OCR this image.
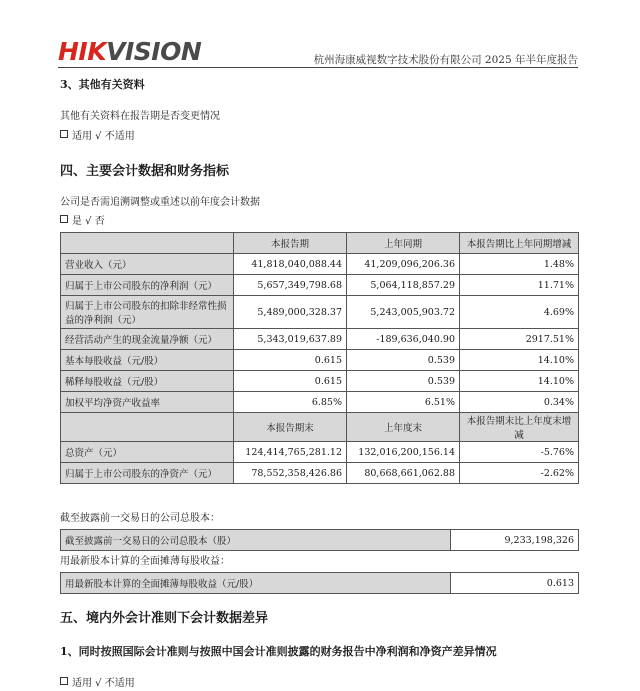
HIKVISION	杭州海康威视数字技术股份有限公司 2025 年半年度报告
3、其他有关资料
其他有关资料在报告期是否变更情况
适用 √ 不适用
四、主要会计数据和财务指标
公司是否需追溯调整或重述以前年度会计数据
是 √ 否
	本报告期	上年同期	本报告期比上年同期增减
营业收入（元）	41,818,040,088.44	41,209,096,206.36	1.48%
归属于上市公司股东的净利润（元）	5,657,349,798.68	5,064,118,857.29	11.71%
归属于上市公司股东的扣除非经常性损益的净利润（元）	5,489,000,328.37	5,243,005,903.72	4.69%
经营活动产生的现金流量净额（元）	5,343,019,637.89	-189,636,040.90	2917.51%
基本每股收益（元/股）	0.615	0.539	14.10%
稀释每股收益（元/股）	0.615	0.539	14.10%
加权平均净资产收益率	6.85%	6.51%	0.34%
	本报告期末	上年度末	本报告期末比上年度末增减
总资产（元）	124,414,765,281.12	132,016,200,156.14	-5.76%
归属于上市公司股东的净资产（元）	78,552,358,426.86	80,668,661,062.88	-2.62%
截至披露前一交易日的公司总股本：
截至披露前一交易日的公司总股本（股）	9,233,198,326
用最新股本计算的全面摊薄每股收益：
用最新股本计算的全面摊薄每股收益（元/股）	0.613
五、境内外会计准则下会计数据差异
1、同时按照国际会计准则与按照中国会计准则披露的财务报告中净利润和净资产差异情况
适用 √ 不适用
